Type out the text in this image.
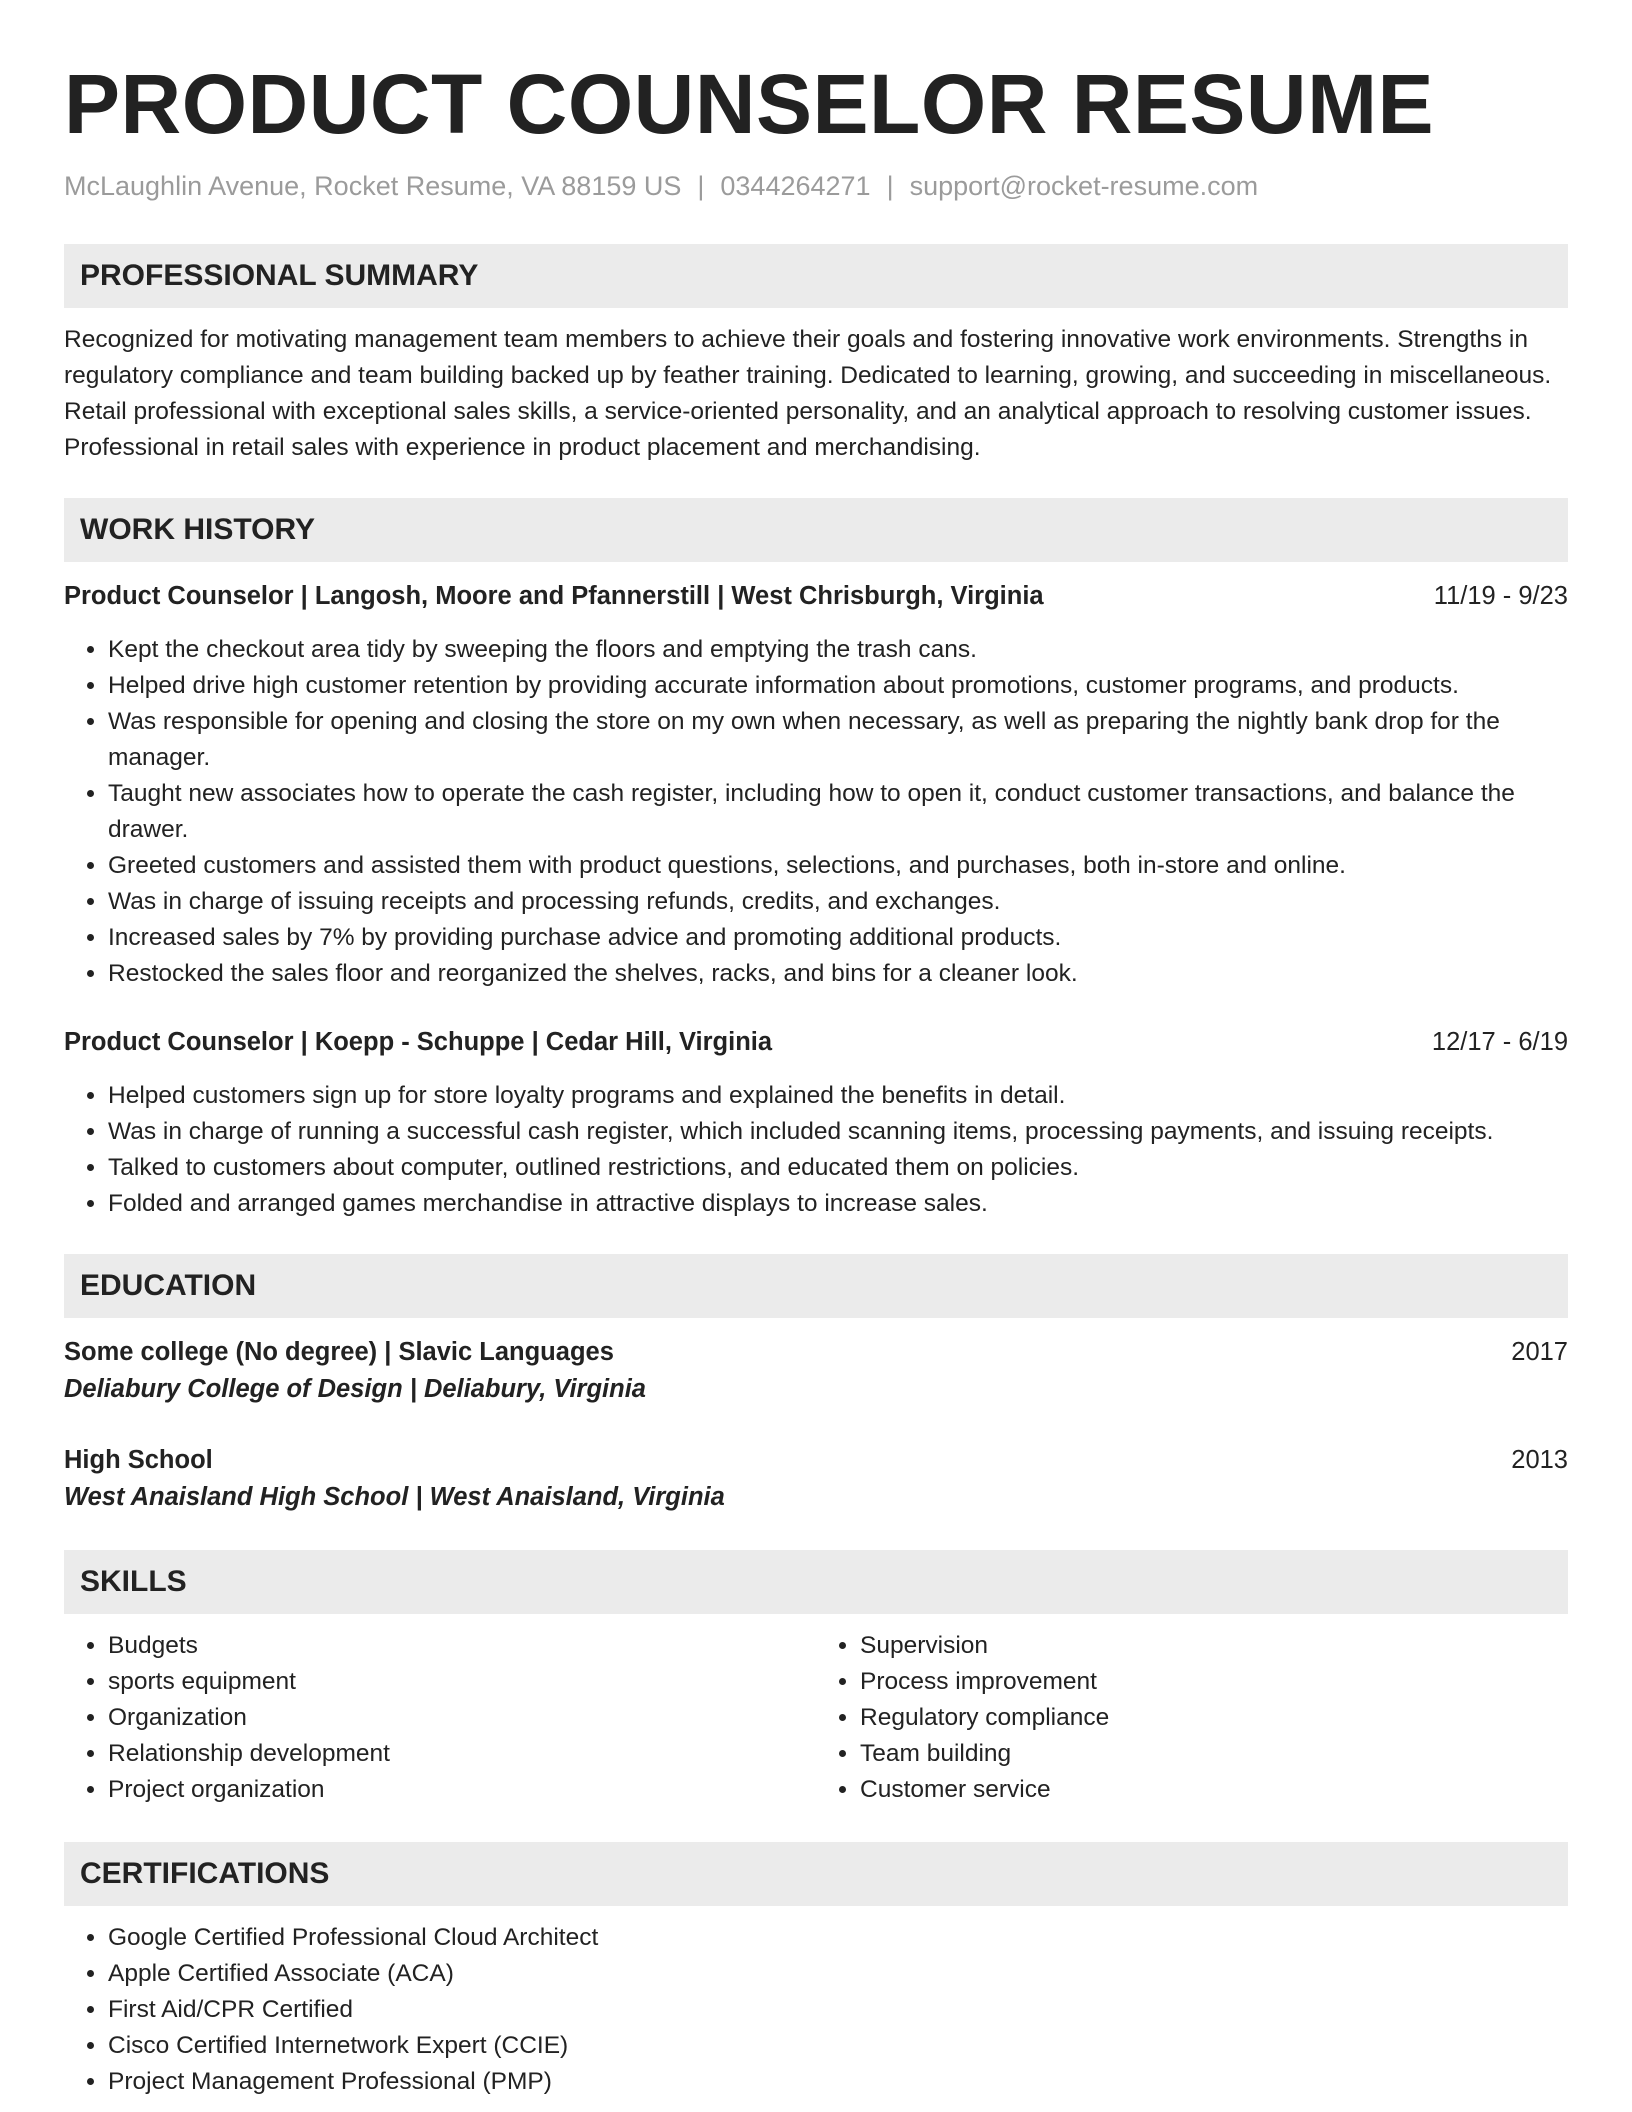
PRODUCT COUNSELOR RESUME
McLaughlin Avenue, Rocket Resume, VA 88159 US | 0344264271 | support@rocket-resume.com
PROFESSIONAL SUMMARY
Recognized for motivating management team members to achieve their goals and fostering innovative work environments. Strengths in regulatory compliance and team building backed up by feather training. Dedicated to learning, growing, and succeeding in miscellaneous. Retail professional with exceptional sales skills, a service-oriented personality, and an analytical approach to resolving customer issues. Professional in retail sales with experience in product placement and merchandising.
WORK HISTORY
Product Counselor | Langosh, Moore and Pfannerstill | West Chrisburgh, Virginia	11/19 - 9/23
• Kept the checkout area tidy by sweeping the floors and emptying the trash cans.
• Helped drive high customer retention by providing accurate information about promotions, customer programs, and products.
• Was responsible for opening and closing the store on my own when necessary, as well as preparing the nightly bank drop for the manager.
• Taught new associates how to operate the cash register, including how to open it, conduct customer transactions, and balance the drawer.
• Greeted customers and assisted them with product questions, selections, and purchases, both in-store and online.
• Was in charge of issuing receipts and processing refunds, credits, and exchanges.
• Increased sales by 7% by providing purchase advice and promoting additional products.
• Restocked the sales floor and reorganized the shelves, racks, and bins for a cleaner look.
Product Counselor | Koepp - Schuppe | Cedar Hill, Virginia	12/17 - 6/19
• Helped customers sign up for store loyalty programs and explained the benefits in detail.
• Was in charge of running a successful cash register, which included scanning items, processing payments, and issuing receipts.
• Talked to customers about computer, outlined restrictions, and educated them on policies.
• Folded and arranged games merchandise in attractive displays to increase sales.
EDUCATION
Some college (No degree) | Slavic Languages	2017
Deliabury College of Design | Deliabury, Virginia
High School	2013
West Anaisland High School | West Anaisland, Virginia
SKILLS
• Budgets
• sports equipment
• Organization
• Relationship development
• Project organization
• Supervision
• Process improvement
• Regulatory compliance
• Team building
• Customer service
CERTIFICATIONS
• Google Certified Professional Cloud Architect
• Apple Certified Associate (ACA)
• First Aid/CPR Certified
• Cisco Certified Internetwork Expert (CCIE)
• Project Management Professional (PMP)
